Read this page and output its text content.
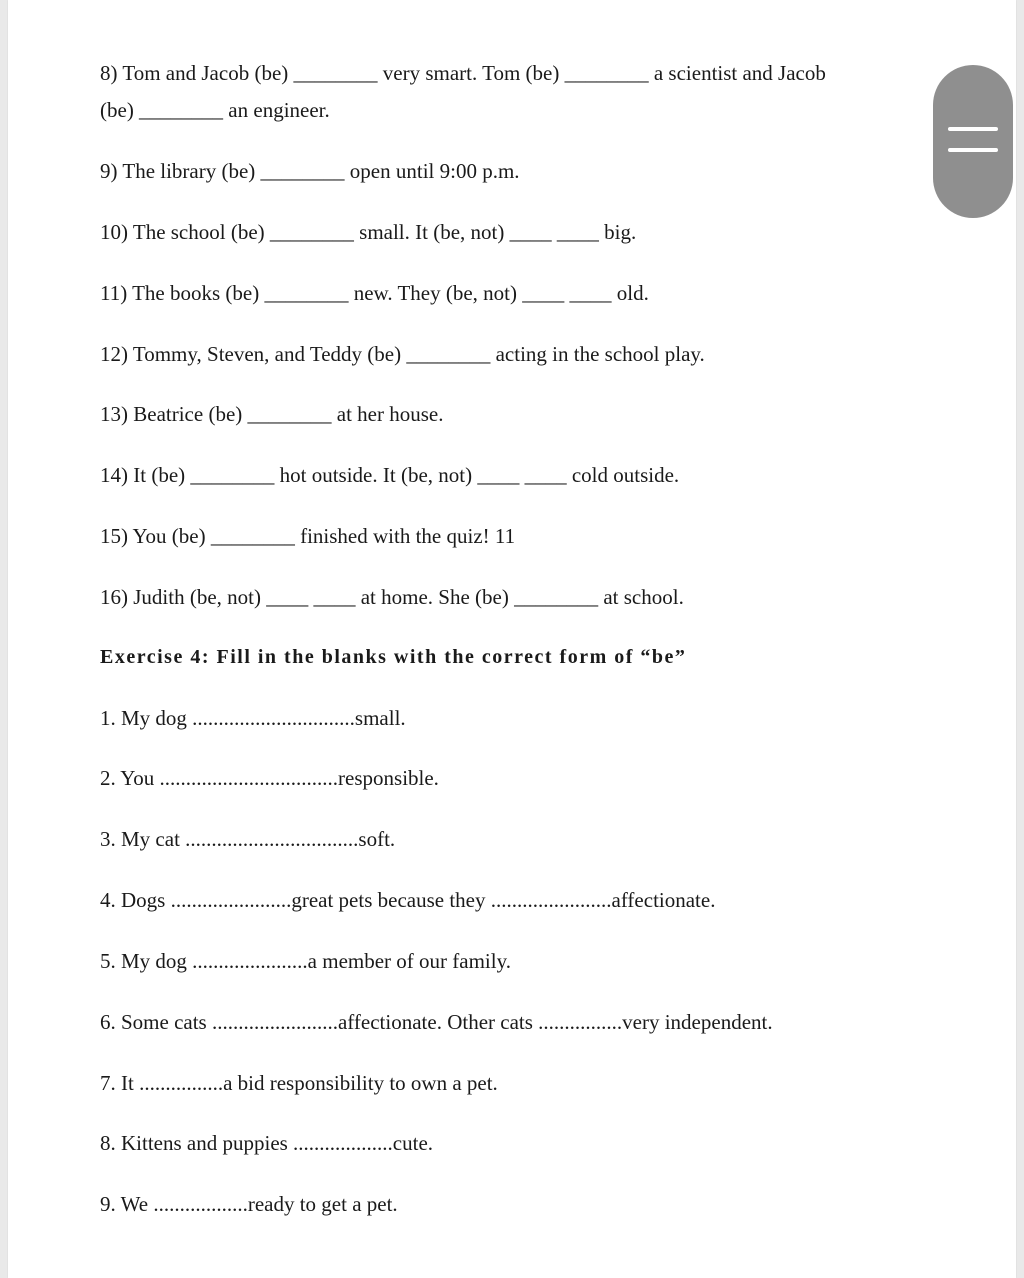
8) Tom and Jacob (be) ________ very smart. Tom (be) ________ a scientist and Jacob
(be) ________ an engineer.
9) The library (be) ________ open until 9:00 p.m.
10) The school (be) ________ small. It (be, not) ____ ____ big.
11) The books (be) ________ new. They (be, not) ____ ____ old.
12) Tommy, Steven, and Teddy (be) ________ acting in the school play.
13) Beatrice (be) ________ at her house.
14) It (be) ________ hot outside. It (be, not) ____ ____ cold outside.
15) You (be) ________ finished with the quiz! 11
16) Judith (be, not) ____ ____ at home. She (be) ________ at school.
Exercise 4: Fill in the blanks with the correct form of “be”
1. My dog ...............................small.
2. You ..................................responsible.
3. My cat .................................soft.
4. Dogs .......................great pets because they .......................affectionate.
5. My dog ......................a member of our family.
6. Some cats ........................affectionate. Other cats ................very independent.
7. It ................a bid responsibility to own a pet.
8. Kittens and puppies ...................cute.
9. We ..................ready to get a pet.
